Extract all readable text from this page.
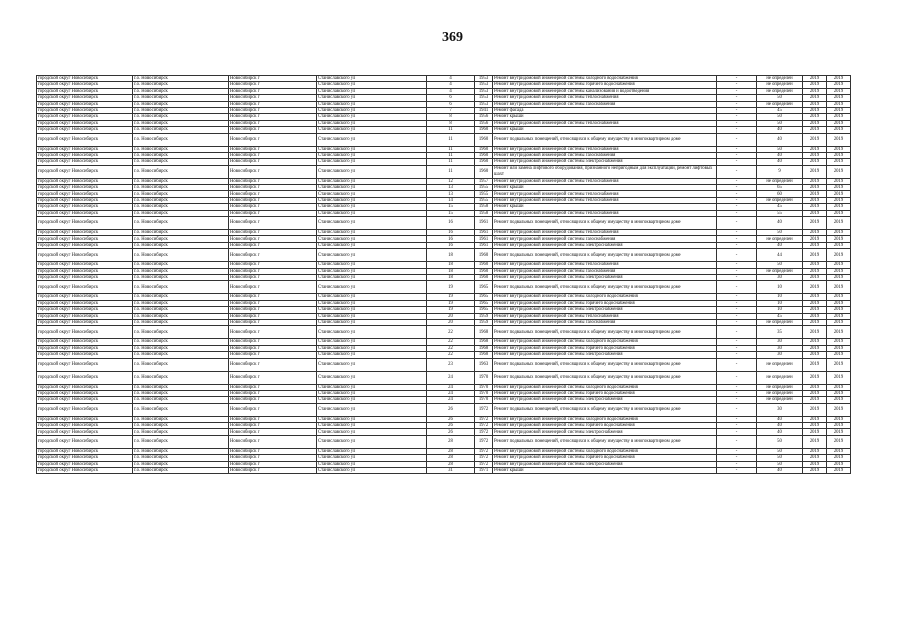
369
городской округ Новосибирск	г.о. Новосибирск	Новосибирск г	Станиславского ул	4	1953	Ремонт внутридомовой инженерной системы холодного водоснабжения	-	не определен	2019	2019
городской округ Новосибирск	г.о. Новосибирск	Новосибирск г	Станиславского ул	4	1953	Ремонт внутридомовой инженерной системы горячего водоснабжения	-	не определен	2019	2019
городской округ Новосибирск	г.о. Новосибирск	Новосибирск г	Станиславского ул	4	1953	Ремонт внутридомовой инженерной системы канализования и водоотведения	-	не определен	2019	2019
городской округ Новосибирск	г.о. Новосибирск	Новосибирск г	Станиславского ул	6	1953	Ремонт внутридомовой инженерной системы теплоснабжения	-	50	2019	2019
городской округ Новосибирск	г.о. Новосибирск	Новосибирск г	Станиславского ул	6	1953	Ремонт внутридомовой инженерной системы газоснабжения	-	не определен	2019	2019
городской округ Новосибирск	г.о. Новосибирск	Новосибирск г	Станиславского ул	7	1941	Ремонт фасада	-	45	2019	2019
городской округ Новосибирск	г.о. Новосибирск	Новосибирск г	Станиславского ул	8	1956	Ремонт крыши	-	50	2019	2019
городской округ Новосибирск	г.о. Новосибирск	Новосибирск г	Станиславского ул	8	1956	Ремонт внутридомовой инженерной системы теплоснабжения	-	50	2019	2019
городской округ Новосибирск	г.о. Новосибирск	Новосибирск г	Станиславского ул	11	1960	Ремонт крыши	-	40	2019	2019
городской округ Новосибирск	г.о. Новосибирск	Новосибирск г	Станиславского ул	11	1960	Ремонт подвальных помещений, относящихся к общему имуществу в многоквартирном доме	-	40	2019	2019
городской округ Новосибирск	г.о. Новосибирск	Новосибирск г	Станиславского ул	11	1960	Ремонт внутридомовой инженерной системы теплоснабжения	-	50	2019	2019
городской округ Новосибирск	г.о. Новосибирск	Новосибирск г	Станиславского ул	11	1960	Ремонт внутридомовой инженерной системы газоснабжения	-	40	2019	2019
городской округ Новосибирск	г.о. Новосибирск	Новосибирск г	Станиславского ул	11	1960	Ремонт внутридомовой инженерной системы электроснабжения	-	40	2019	2019
городской округ Новосибирск	г.о. Новосибирск	Новосибирск г	Станиславского ул	11	1960	Ремонт или замена лифтового оборудования, признанного непригодным для эксплуатации, ремонт лифтовых шахт	-	9	2019	2019
городской округ Новосибирск	г.о. Новосибирск	Новосибирск г	Станиславского ул	12	1957	Ремонт внутридомовой инженерной системы теплоснабжения	-	не определен	2019	2019
городской округ Новосибирск	г.о. Новосибирск	Новосибирск г	Станиславского ул	13	1955	Ремонт крыши	-	65	2019	2019
городской округ Новосибирск	г.о. Новосибирск	Новосибирск г	Станиславского ул	13	1955	Ремонт внутридомовой инженерной системы теплоснабжения	-	60	2019	2019
городской округ Новосибирск	г.о. Новосибирск	Новосибирск г	Станиславского ул	14	1955	Ремонт внутридомовой инженерной системы теплоснабжения	-	не определен	2019	2019
городской округ Новосибирск	г.о. Новосибирск	Новосибирск г	Станиславского ул	15	1958	Ремонт крыши	-	45	2019	2019
городской округ Новосибирск	г.о. Новосибирск	Новосибирск г	Станиславского ул	15	1958	Ремонт внутридомовой инженерной системы теплоснабжения	-	55	2019	2019
городской округ Новосибирск	г.о. Новосибирск	Новосибирск г	Станиславского ул	16	1961	Ремонт подвальных помещений, относящихся к общему имуществу в многоквартирном доме	-	40	2019	2019
городской округ Новосибирск	г.о. Новосибирск	Новосибирск г	Станиславского ул	16	1961	Ремонт внутридомовой инженерной системы теплоснабжения	-	50	2019	2019
городской округ Новосибирск	г.о. Новосибирск	Новосибирск г	Станиславского ул	16	1961	Ремонт внутридомовой инженерной системы газоснабжения	-	не определен	2019	2019
городской округ Новосибирск	г.о. Новосибирск	Новосибирск г	Станиславского ул	16	1961	Ремонт внутридомовой инженерной системы электроснабжения	-	40	2019	2019
городской округ Новосибирск	г.о. Новосибирск	Новосибирск г	Станиславского ул	18	1960	Ремонт подвальных помещений, относящихся к общему имуществу в многоквартирном доме	-	44	2019	2019
городской округ Новосибирск	г.о. Новосибирск	Новосибирск г	Станиславского ул	18	1960	Ремонт внутридомовой инженерной системы теплоснабжения	-	50	2019	2019
городской округ Новосибирск	г.о. Новосибирск	Новосибирск г	Станиславского ул	18	1960	Ремонт внутридомовой инженерной системы газоснабжения	-	не определен	2019	2019
городской округ Новосибирск	г.о. Новосибирск	Новосибирск г	Станиславского ул	18	1960	Ремонт внутридомовой инженерной системы электроснабжения	-	30	2019	2019
городской округ Новосибирск	г.о. Новосибирск	Новосибирск г	Станиславского ул	19	1965	Ремонт подвальных помещений, относящихся к общему имуществу в многоквартирном доме	-	10	2019	2019
городской округ Новосибирск	г.о. Новосибирск	Новосибирск г	Станиславского ул	19	1965	Ремонт внутридомовой инженерной системы холодного водоснабжения	-	10	2019	2019
городской округ Новосибирск	г.о. Новосибирск	Новосибирск г	Станиславского ул	19	1965	Ремонт внутридомовой инженерной системы горячего водоснабжения	-	10	2019	2019
городской округ Новосибирск	г.о. Новосибирск	Новосибирск г	Станиславского ул	19	1965	Ремонт внутридомовой инженерной системы электроснабжения	-	10	2019	2019
городской округ Новосибирск	г.о. Новосибирск	Новосибирск г	Станиславского ул	20	1959	Ремонт внутридомовой инженерной системы теплоснабжения	-	45	2019	2019
городской округ Новосибирск	г.о. Новосибирск	Новосибирск г	Станиславского ул	20	1959	Ремонт внутридомовой инженерной системы газоснабжения	-	не определен	2019	2019
городской округ Новосибирск	г.о. Новосибирск	Новосибирск г	Станиславского ул	22	1968	Ремонт подвальных помещений, относящихся к общему имуществу в многоквартирном доме	-	35	2019	2019
городской округ Новосибирск	г.о. Новосибирск	Новосибирск г	Станиславского ул	22	1968	Ремонт внутридомовой инженерной системы холодного водоснабжения	-	30	2019	2019
городской округ Новосибирск	г.о. Новосибирск	Новосибирск г	Станиславского ул	22	1968	Ремонт внутридомовой инженерной системы горячего водоснабжения	-	30	2019	2019
городской округ Новосибирск	г.о. Новосибирск	Новосибирск г	Станиславского ул	22	1968	Ремонт внутридомовой инженерной системы электроснабжения	-	30	2019	2019
городской округ Новосибирск	г.о. Новосибирск	Новосибирск г	Станиславского ул	23	1963	Ремонт подвальных помещений, относящихся к общему имуществу в многоквартирном доме	-	не определен	2019	2019
городской округ Новосибирск	г.о. Новосибирск	Новосибирск г	Станиславского ул	24	1970	Ремонт подвальных помещений, относящихся к общему имуществу в многоквартирном доме	-	не определен	2019	2019
городской округ Новосибирск	г.о. Новосибирск	Новосибирск г	Станиславского ул	24	1970	Ремонт внутридомовой инженерной системы холодного водоснабжения	-	не определен	2019	2019
городской округ Новосибирск	г.о. Новосибирск	Новосибирск г	Станиславского ул	24	1970	Ремонт внутридомовой инженерной системы горячего водоснабжения	-	не определен	2019	2019
городской округ Новосибирск	г.о. Новосибирск	Новосибирск г	Станиславского ул	24	1970	Ремонт внутридомовой инженерной системы электроснабжения	-	не определен	2019	2019
городской округ Новосибирск	г.о. Новосибирск	Новосибирск г	Станиславского ул	26	1972	Ремонт подвальных помещений, относящихся к общему имуществу в многоквартирном доме	-	30	2019	2019
городской округ Новосибирск	г.о. Новосибирск	Новосибирск г	Станиславского ул	26	1972	Ремонт внутридомовой инженерной системы холодного водоснабжения	-	40	2019	2019
городской округ Новосибирск	г.о. Новосибирск	Новосибирск г	Станиславского ул	26	1972	Ремонт внутридомовой инженерной системы горячего водоснабжения	-	40	2019	2019
городской округ Новосибирск	г.о. Новосибирск	Новосибирск г	Станиславского ул	26	1972	Ремонт внутридомовой инженерной системы электроснабжения	-	40	2019	2019
городской округ Новосибирск	г.о. Новосибирск	Новосибирск г	Станиславского ул	28	1972	Ремонт подвальных помещений, относящихся к общему имуществу в многоквартирном доме	-	50	2019	2019
городской округ Новосибирск	г.о. Новосибирск	Новосибирск г	Станиславского ул	28	1972	Ремонт внутридомовой инженерной системы холодного водоснабжения	-	50	2019	2019
городской округ Новосибирск	г.о. Новосибирск	Новосибирск г	Станиславского ул	28	1972	Ремонт внутридомовой инженерной системы горячего водоснабжения	-	50	2019	2019
городской округ Новосибирск	г.о. Новосибирск	Новосибирск г	Станиславского ул	28	1972	Ремонт внутридомовой инженерной системы электроснабжения	-	50	2019	2019
городской округ Новосибирск	г.о. Новосибирск	Новосибирск г	Станиславского ул	31	1971	Ремонт крыши	-	40	2019	2019
